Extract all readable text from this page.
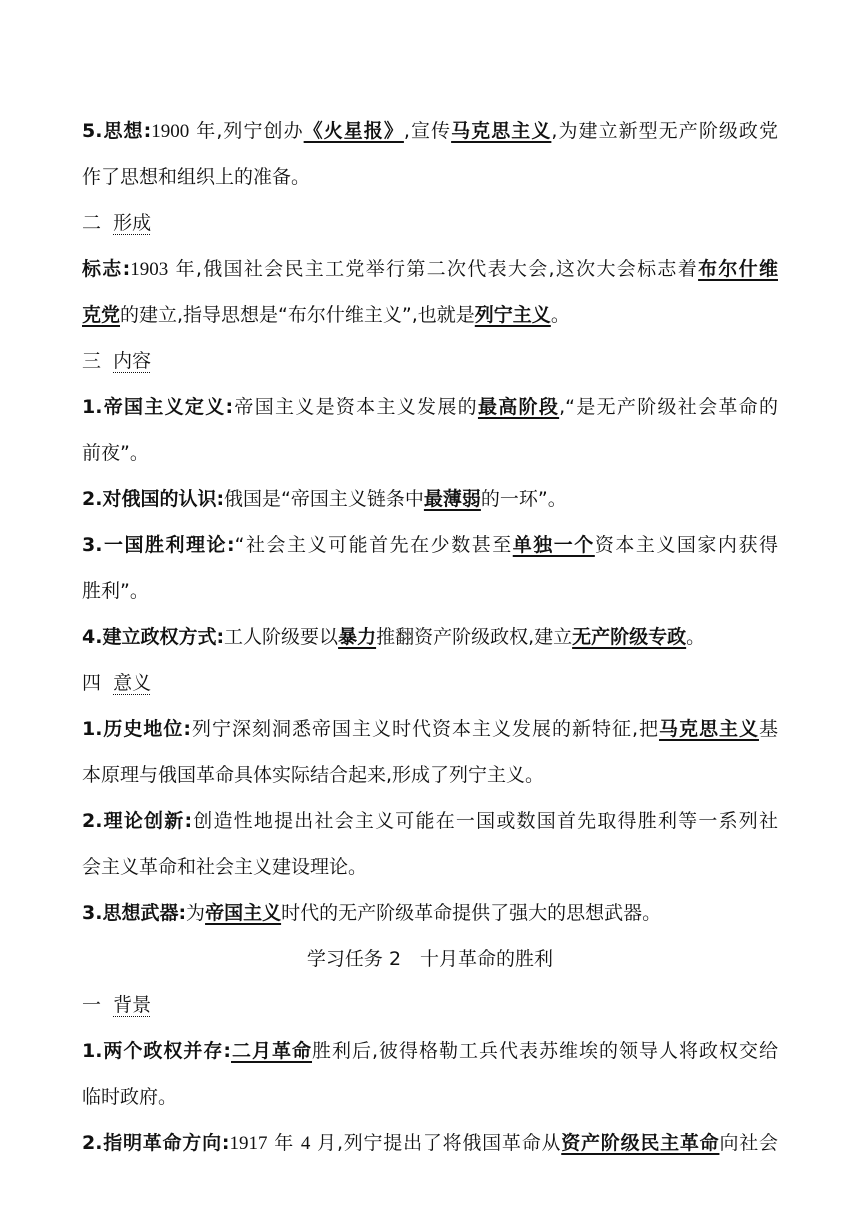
5.思想:1900 年,列宁创办《火星报》,宣传马克思主义,为建立新型无产阶级政党
作了思想和组织上的准备。
二 形成
标志:1903 年,俄国社会民主工党举行第二次代表大会,这次大会标志着布尔什维
克党的建立,指导思想是“布尔什维主义”,也就是列宁主义。
三 内容
1.帝国主义定义:帝国主义是资本主义发展的最高阶段,“是无产阶级社会革命的
前夜”。
2.对俄国的认识:俄国是“帝国主义链条中最薄弱的一环”。
3.一国胜利理论:“社会主义可能首先在少数甚至单独一个资本主义国家内获得
胜利”。
4.建立政权方式:工人阶级要以暴力推翻资产阶级政权,建立无产阶级专政。
四 意义
1.历史地位:列宁深刻洞悉帝国主义时代资本主义发展的新特征,把马克思主义基
本原理与俄国革命具体实际结合起来,形成了列宁主义。
2.理论创新:创造性地提出社会主义可能在一国或数国首先取得胜利等一系列社
会主义革命和社会主义建设理论。
3.思想武器:为帝国主义时代的无产阶级革命提供了强大的思想武器。
学习任务 2　十月革命的胜利
一 背景
1.两个政权并存:二月革命胜利后,彼得格勒工兵代表苏维埃的领导人将政权交给
临时政府。
2.指明革命方向:1917 年 4 月,列宁提出了将俄国革命从资产阶级民主革命向社会
